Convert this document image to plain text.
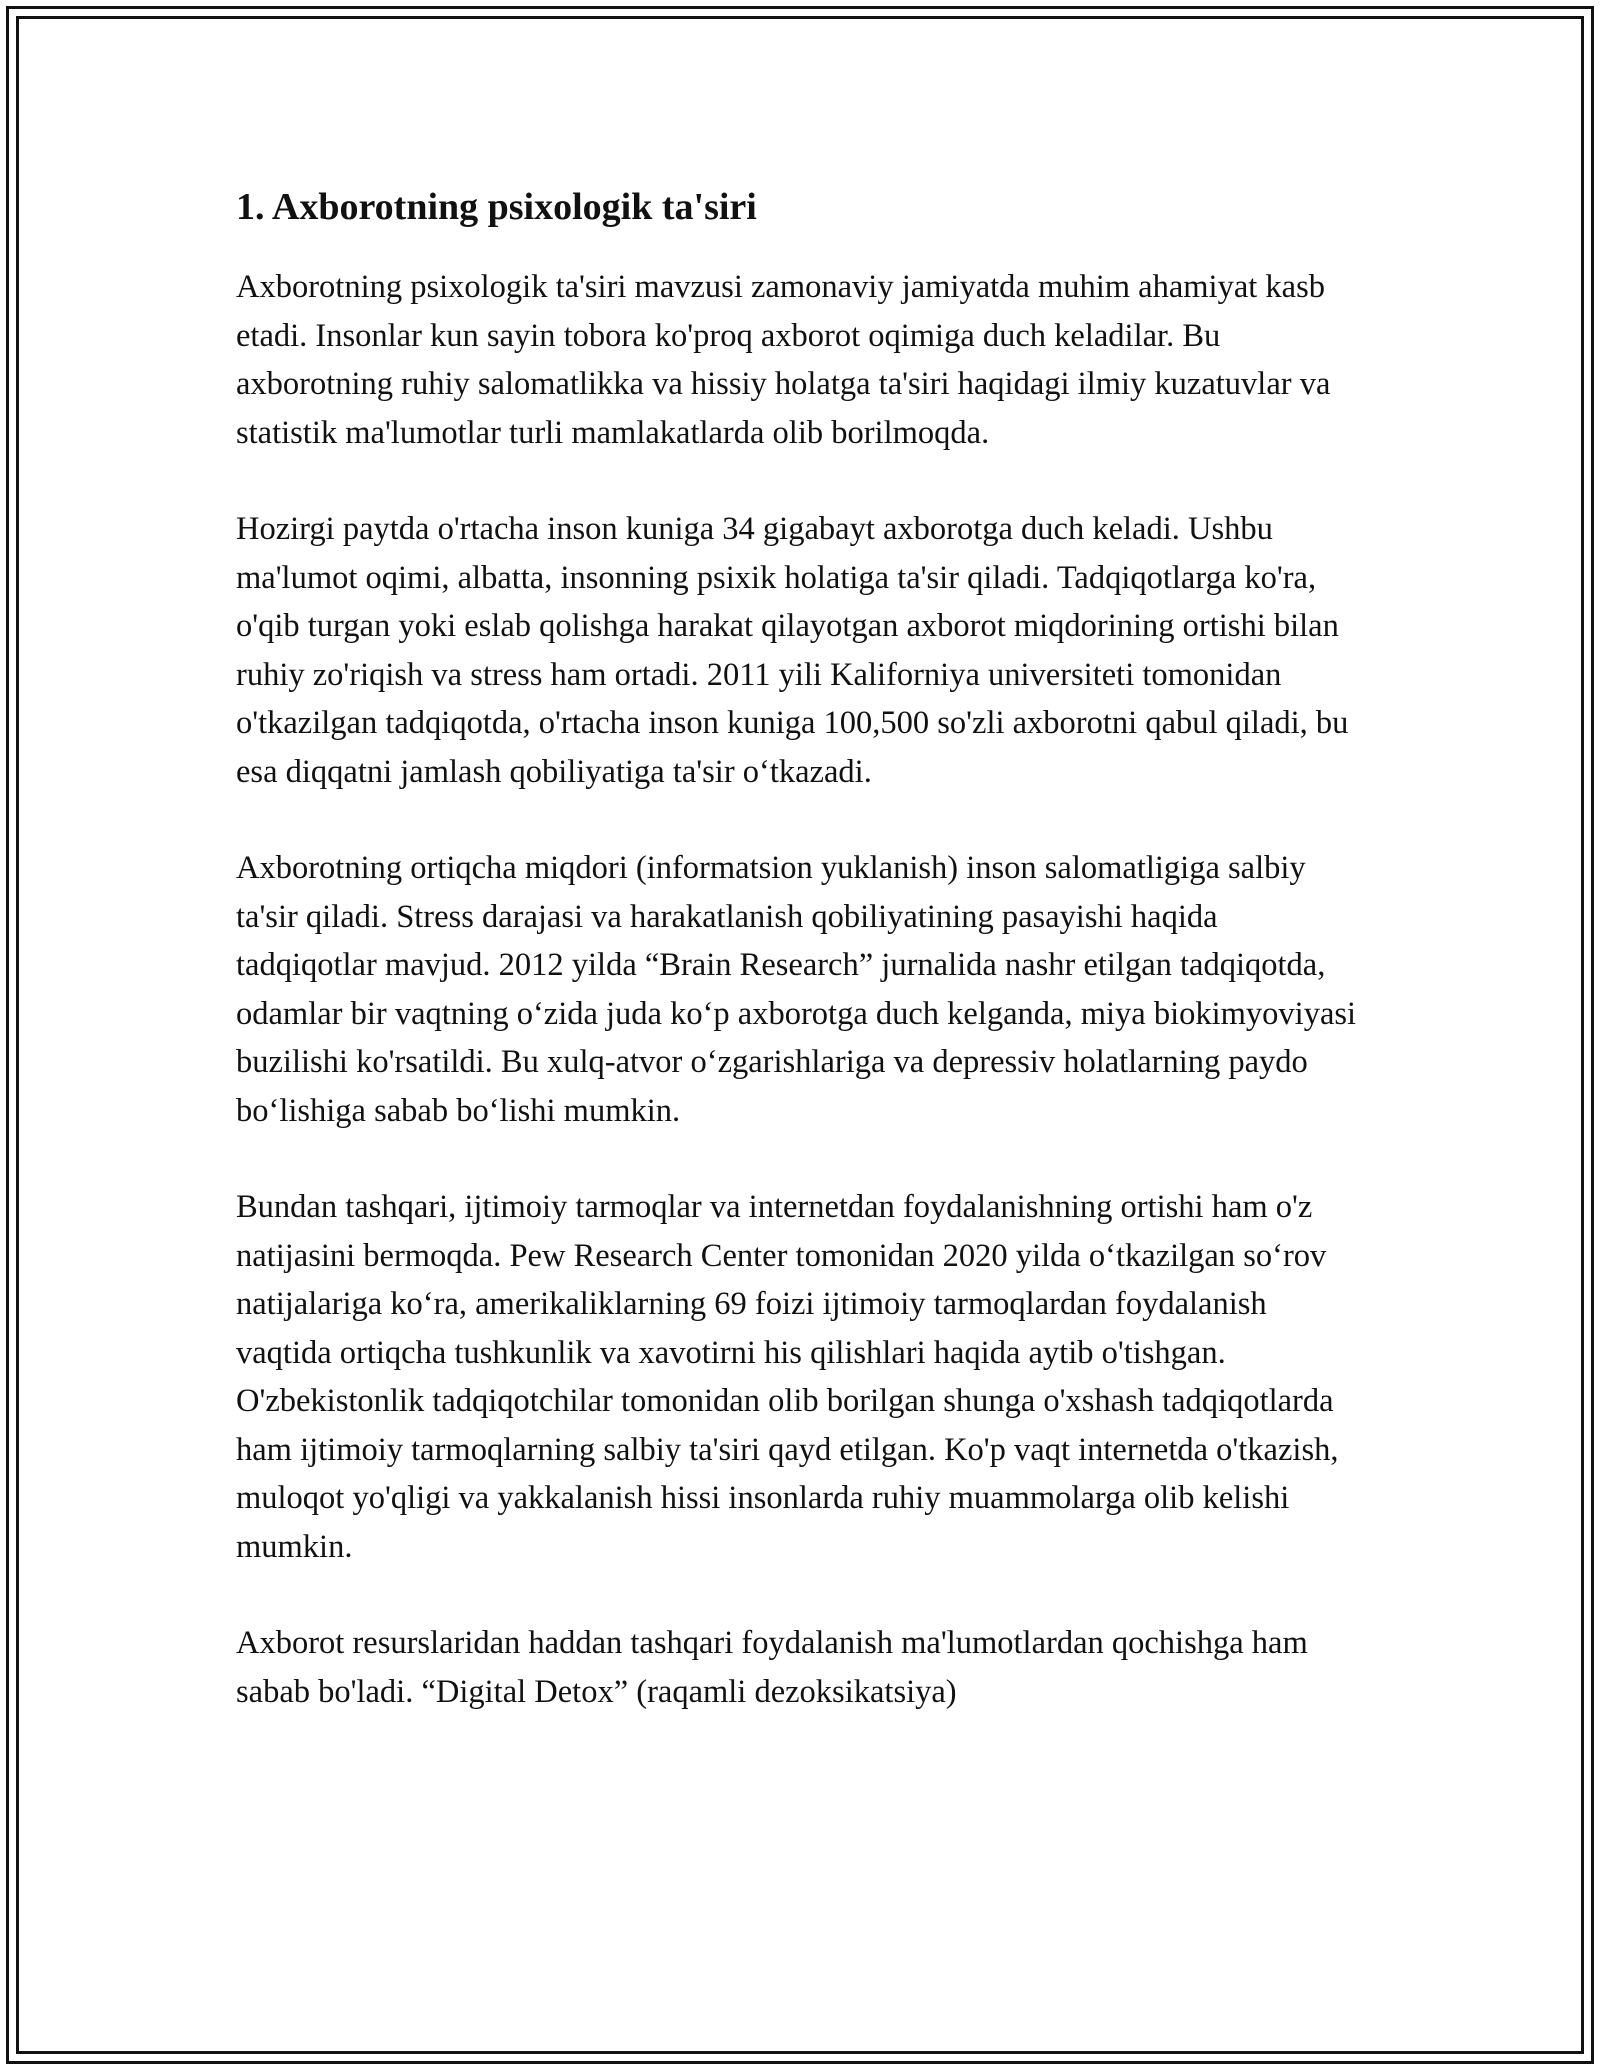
1. Axborotning psixologik ta'siri

Axborotning psixologik ta'siri mavzusi zamonaviy jamiyatda muhim ahamiyat kasb etadi. Insonlar kun sayin tobora ko'proq axborot oqimiga duch keladilar. Bu axborotning ruhiy salomatlikka va hissiy holatga ta'siri haqidagi ilmiy kuzatuvlar va statistik ma'lumotlar turli mamlakatlarda olib borilmoqda.

Hozirgi paytda o'rtacha inson kuniga 34 gigabayt axborotga duch keladi. Ushbu ma'lumot oqimi, albatta, insonning psixik holatiga ta'sir qiladi. Tadqiqotlarga ko'ra, o'qib turgan yoki eslab qolishga harakat qilayotgan axborot miqdorining ortishi bilan ruhiy zo'riqish va stress ham ortadi. 2011 yili Kaliforniya universiteti tomonidan o'tkazilgan tadqiqotda, o'rtacha inson kuniga 100,500 so'zli axborotni qabul qiladi, bu esa diqqatni jamlash qobiliyatiga ta'sir o‘tkazadi.

Axborotning ortiqcha miqdori (informatsion yuklanish) inson salomatligiga salbiy ta'sir qiladi. Stress darajasi va harakatlanish qobiliyatining pasayishi haqida tadqiqotlar mavjud. 2012 yilda “Brain Research” jurnalida nashr etilgan tadqiqotda, odamlar bir vaqtning o‘zida juda ko‘p axborotga duch kelganda, miya biokimyoviyasi buzilishi ko'rsatildi. Bu xulq-atvor o‘zgarishlariga va depressiv holatlarning paydo bo‘lishiga sabab bo‘lishi mumkin.

Bundan tashqari, ijtimoiy tarmoqlar va internetdan foydalanishning ortishi ham o'z natijasini bermoqda. Pew Research Center tomonidan 2020 yilda o‘tkazilgan so‘rov natijalariga ko‘ra, amerikaliklarning 69 foizi ijtimoiy tarmoqlardan foydalanish vaqtida ortiqcha tushkunlik va xavotirni his qilishlari haqida aytib o'tishgan. O'zbekistonlik tadqiqotchilar tomonidan olib borilgan shunga o'xshash tadqiqotlarda ham ijtimoiy tarmoqlarning salbiy ta'siri qayd etilgan. Ko'p vaqt internetda o'tkazish, muloqot yo'qligi va yakkalanish hissi insonlarda ruhiy muammolarga olib kelishi mumkin.

Axborot resurslaridan haddan tashqari foydalanish ma'lumotlardan qochishga ham sabab bo'ladi. “Digital Detox” (raqamli dezoksikatsiya)
